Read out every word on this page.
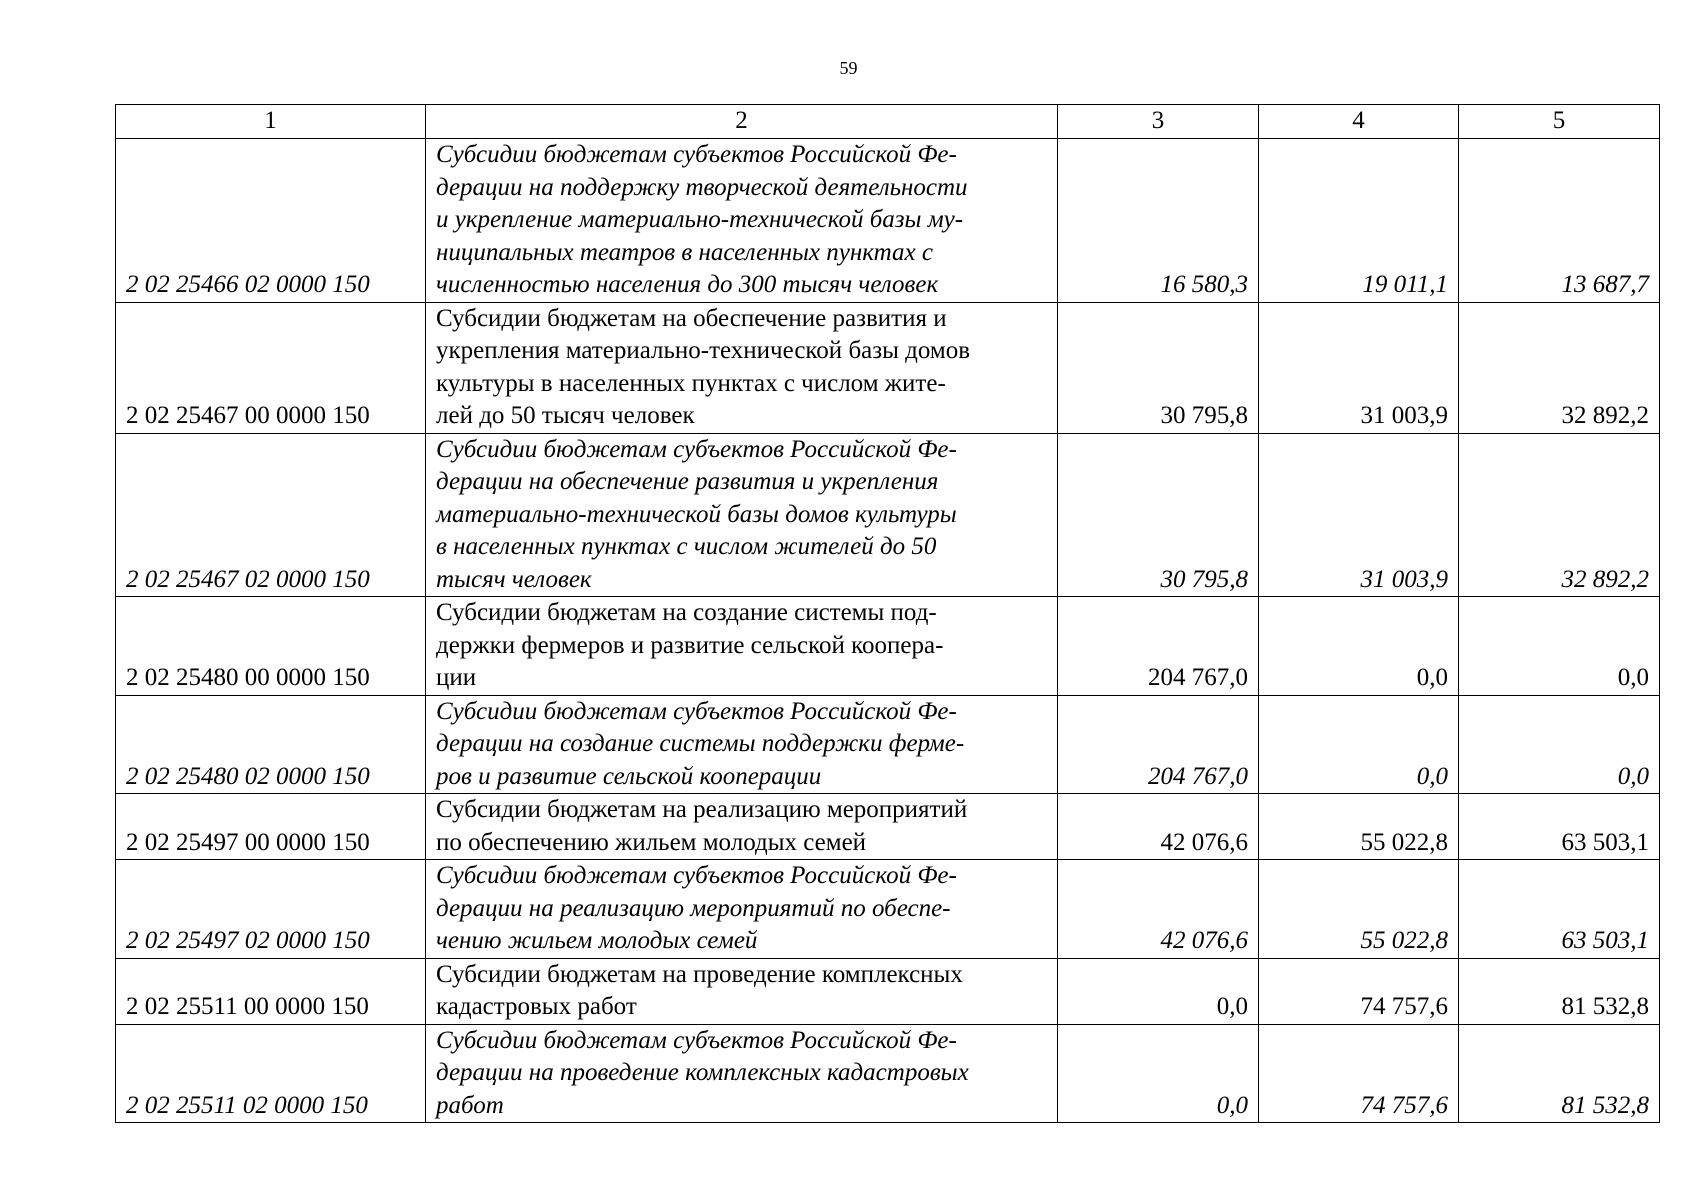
59
1	2	3	4	5
2 02 25466 02 0000 150	Субсидии бюджетам субъектов Российской Фе-
дерации на поддержку творческой деятельности
и укрепление материально-технической базы му-
ниципальных театров в населенных пунктах с
численностью населения до 300 тысяч человек	16 580,3	19 011,1	13 687,7
2 02 25467 00 0000 150	Субсидии бюджетам на обеспечение развития и
укрепления материально-технической базы домов
культуры в населенных пунктах с числом жите-
лей до 50 тысяч человек	30 795,8	31 003,9	32 892,2
2 02 25467 02 0000 150	Субсидии бюджетам субъектов Российской Фе-
дерации на обеспечение развития и укрепления
материально-технической базы домов культуры
в населенных пунктах с числом жителей до 50
тысяч человек	30 795,8	31 003,9	32 892,2
2 02 25480 00 0000 150	Субсидии бюджетам на создание системы под-
держки фермеров и развитие сельской коопера-
ции	204 767,0	0,0	0,0
2 02 25480 02 0000 150	Субсидии бюджетам субъектов Российской Фе-
дерации на создание системы поддержки ферме-
ров и развитие сельской кооперации	204 767,0	0,0	0,0
2 02 25497 00 0000 150	Субсидии бюджетам на реализацию мероприятий
по обеспечению жильем молодых семей	42 076,6	55 022,8	63 503,1
2 02 25497 02 0000 150	Субсидии бюджетам субъектов Российской Фе-
дерации на реализацию мероприятий по обеспе-
чению жильем молодых семей	42 076,6	55 022,8	63 503,1
2 02 25511 00 0000 150	Субсидии бюджетам на проведение комплексных
кадастровых работ	0,0	74 757,6	81 532,8
2 02 25511 02 0000 150	Субсидии бюджетам субъектов Российской Фе-
дерации на проведение комплексных кадастровых
работ	0,0	74 757,6	81 532,8
